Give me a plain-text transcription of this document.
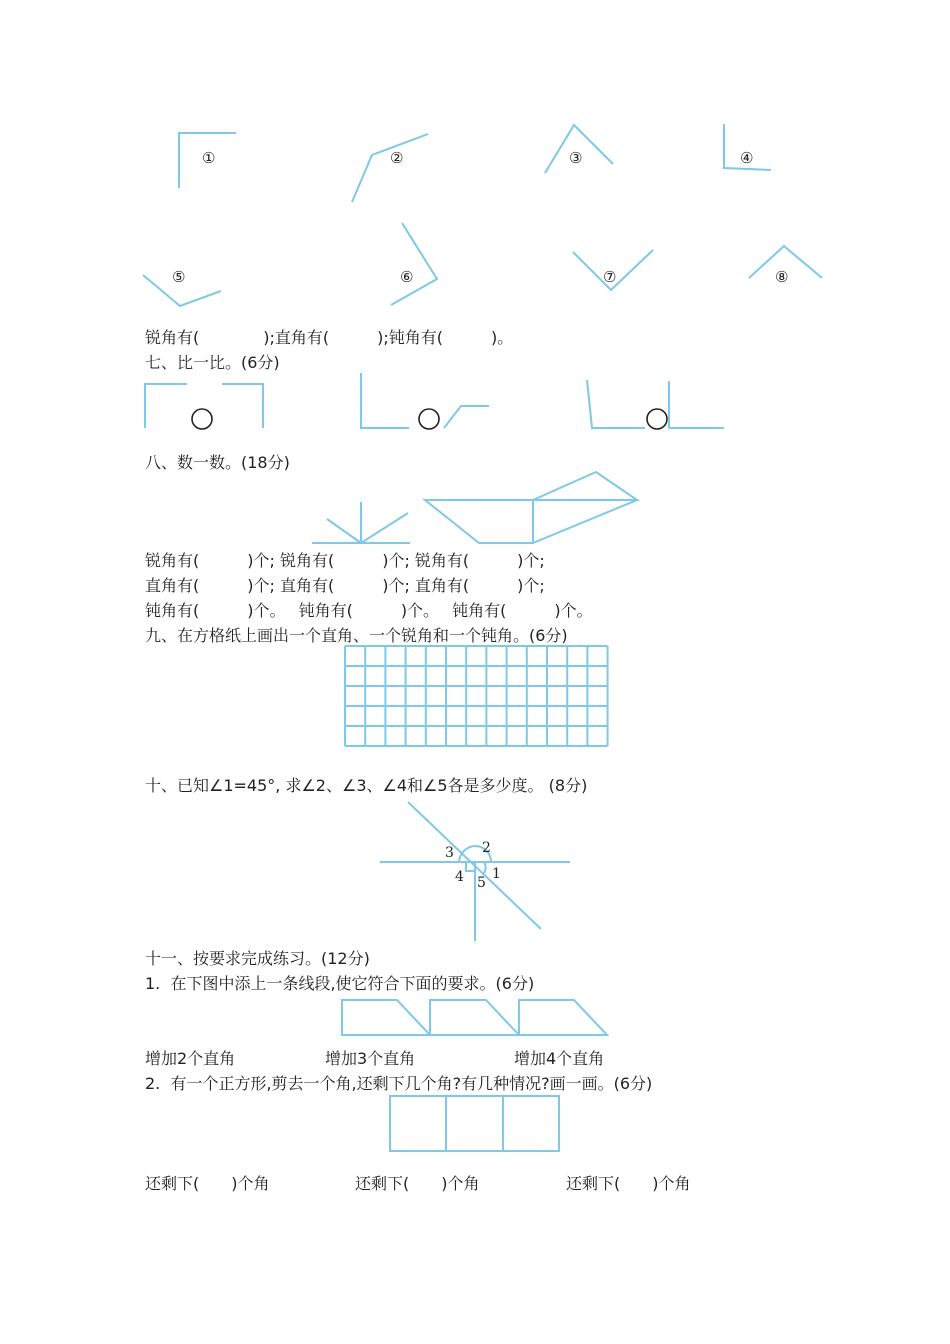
①	②	③	④
⑤	⑥	⑦	⑧
1
2
3
4 5
锐角有(　　　　);直角有(　　　);钝角有(　　　)。
七、比一比。(6分)
八、数一数。(18分)
锐角有(　　　)个; 锐角有(　　　)个; 锐角有(　　　)个;
直角有(　　　)个; 直角有(　　　)个; 直角有(　　　)个;
钝角有(　　　)个。　 钝角有(　　　)个。　 钝角有(　　　)个。
九、在方格纸上画出一个直角、一个锐角和一个钝角。(6分)
十、已知∠1=45°, 求∠2、∠3、∠4和∠5各是多少度。 (8分)
十一、按要求完成练习。(12分)
1.  在下图中添上一条线段,使它符合下面的要求。(6分)
增加2个直角	增加3个直角	增加4个直角
2.  有一个正方形,剪去一个角,还剩下几个角?有几种情况?画一画。(6分)
还剩下(　　)个角	还剩下(　　)个角	还剩下(　　)个角
